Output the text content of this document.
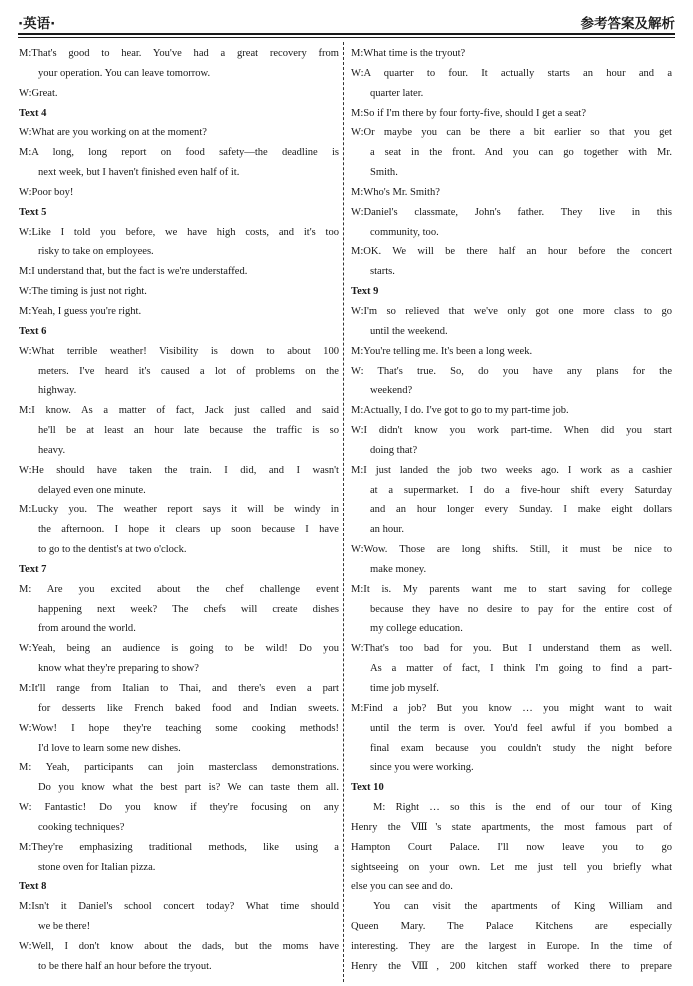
·英语·	参考答案及解析
M:That's good to hear. You've had a great recovery from
your operation. You can leave tomorrow.
W:Great.
Text 4
W:What are you working on at the moment?
M:A long, long report on food safety—the deadline is
next week, but I haven't finished even half of it.
W:Poor boy!
Text 5
W:Like I told you before, we have high costs, and it's too
risky to take on employees.
M:I understand that, but the fact is we're understaffed.
W:The timing is just not right.
M:Yeah, I guess you're right.
Text 6
W:What terrible weather! Visibility is down to about 100
meters. I've heard it's caused a lot of problems on the
highway.
M:I know. As a matter of fact, Jack just called and said
he'll be at least an hour late because the traffic is so
heavy.
W:He should have taken the train. I did, and I wasn't
delayed even one minute.
M:Lucky you. The weather report says it will be windy in
the afternoon. I hope it clears up soon because I have
to go to the dentist's at two o'clock.
Text 7
M: Are you excited about the chef challenge event
happening next week? The chefs will create dishes
from around the world.
W:Yeah, being an audience is going to be wild! Do you
know what they're preparing to show?
M:It'll range from Italian to Thai, and there's even a part
for desserts like French baked food and Indian sweets.
W:Wow! I hope they're teaching some cooking methods!
I'd love to learn some new dishes.
M: Yeah, participants can join masterclass demonstrations.
Do you know what the best part is? We can taste them all.
W: Fantastic! Do you know if they're focusing on any
cooking techniques?
M:They're emphasizing traditional methods, like using a
stone oven for Italian pizza.
Text 8
M:Isn't it Daniel's school concert today? What time should
we be there!
W:Well, I don't know about the dads, but the moms have
to be there half an hour before the tryout.
M:What time is the tryout?
W:A quarter to four. It actually starts an hour and a
quarter later.
M:So if I'm there by four forty-five, should I get a seat?
W:Or maybe you can be there a bit earlier so that you get
a seat in the front. And you can go together with Mr.
Smith.
M:Who's Mr. Smith?
W:Daniel's classmate, John's father. They live in this
community, too.
M:OK. We will be there half an hour before the concert
starts.
Text 9
W:I'm so relieved that we've only got one more class to go
until the weekend.
M:You're telling me. It's been a long week.
W: That's true. So, do you have any plans for the
weekend?
M:Actually, I do. I've got to go to my part-time job.
W:I didn't know you work part-time. When did you start
doing that?
M:I just landed the job two weeks ago. I work as a cashier
at a supermarket. I do a five-hour shift every Saturday
and an hour longer every Sunday. I make eight dollars
an hour.
W:Wow. Those are long shifts. Still, it must be nice to
make money.
M:It is. My parents want me to start saving for college
because they have no desire to pay for the entire cost of
my college education.
W:That's too bad for you. But I understand them as well.
As a matter of fact, I think I'm going to find a part-
time job myself.
M:Find a job? But you know … you might want to wait
until the term is over. You'd feel awful if you bombed a
final exam because you couldn't study the night before
since you were working.
Text 10
M: Right … so this is the end of our tour of King
Henry the Ⅷ's state apartments, the most famous part of
Hampton Court Palace. I'll now leave you to go
sightseeing on your own. Let me just tell you briefly what
else you can see and do.
You can visit the apartments of King William and
Queen Mary. The Palace Kitchens are especially
interesting. They are the largest in Europe. In the time of
Henry the Ⅷ, 200 kitchen staff worked there to prepare
